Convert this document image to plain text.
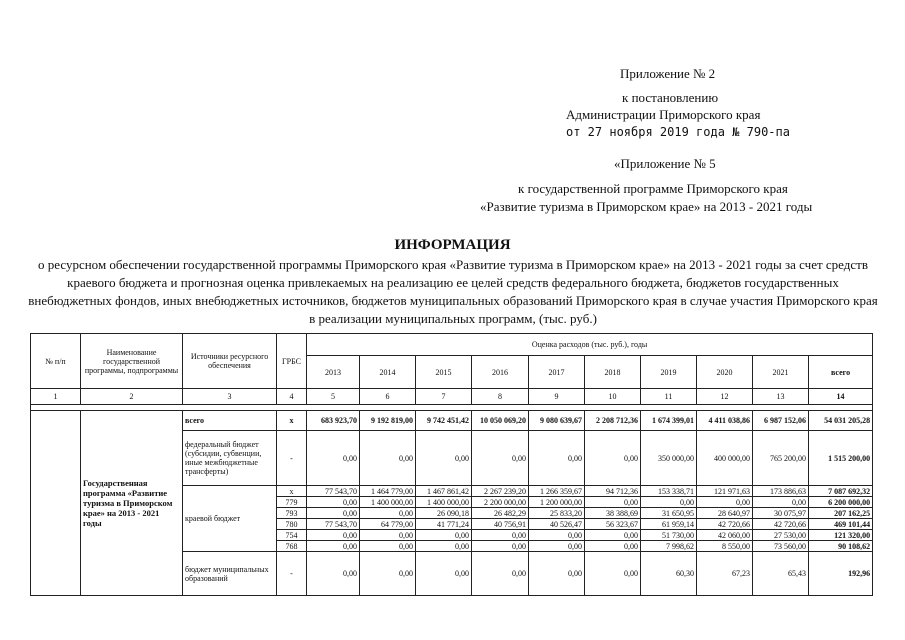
Приложение № 2
к постановлению
Администрации Приморского края
от 27 ноября 2019 года № 790-па
«Приложение № 5
к государственной программе Приморского края
«Развитие туризма в Приморском крае» на 2013 - 2021 годы
ИНФОРМАЦИЯ
о ресурсном обеспечении государственной программы Приморского края «Развитие туризма в Приморском крае» на 2013 - 2021 годы за счет средств краевого бюджета и прогнозная оценка привлекаемых на реализацию ее целей средств федерального бюджета, бюджетов государственных внебюджетных фондов, иных внебюджетных источников, бюджетов муниципальных образований Приморского края в случае участия Приморского края в реализации муниципальных программ, (тыс. руб.)
№ п/п	Наименование государственной программы, подпрограммы	Источники ресурсного обеспечения	ГРБС	Оценка расходов (тыс. руб.), годы									
				2013	2014	2015	2016	2017	2018	2019	2020	2021	всего
1	2	3	4	5	6	7	8	9	10	11	12	13	14

	Государственная программа «Развитие туризма в Приморском крае» на 2013 - 2021 годы	всего	x	683 923,70	9 192 819,00	9 742 451,42	10 050 069,20	9 080 639,67	2 208 712,36	1 674 399,01	4 411 038,86	6 987 152,06	54 031 205,28
		федеральный бюджет (субсидии, субвенции, иные межбюджетные трансферты)	-	0,00	0,00	0,00	0,00	0,00	0,00	350 000,00	400 000,00	765 200,00	1 515 200,00
		краевой бюджет	x	77 543,70	1 464 779,00	1 467 861,42	2 267 239,20	1 266 359,67	94 712,36	153 338,71	121 971,63	173 886,63	7 087 692,32
			779	0,00	1 400 000,00	1 400 000,00	2 200 000,00	1 200 000,00	0,00	0,00	0,00	0,00	6 200 000,00
			793	0,00	0,00	26 090,18	26 482,29	25 833,20	38 388,69	31 650,95	28 640,97	30 075,97	207 162,25
			780	77 543,70	64 779,00	41 771,24	40 756,91	40 526,47	56 323,67	61 959,14	42 720,66	42 720,66	469 101,44
			754	0,00	0,00	0,00	0,00	0,00	0,00	51 730,00	42 060,00	27 530,00	121 320,00
			768	0,00	0,00	0,00	0,00	0,00	0,00	7 998,62	8 550,00	73 560,00	90 108,62
		бюджет муниципальных образований	-	0,00	0,00	0,00	0,00	0,00	0,00	60,30	67,23	65,43	192,96
